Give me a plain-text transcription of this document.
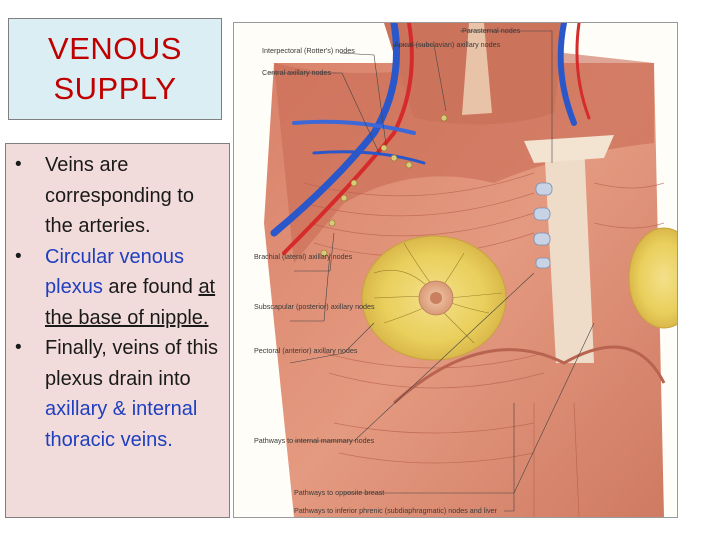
VENOUS
SUPPLY
•	Veins are corresponding to the arteries.
•	Circular venous plexus are found at the base of nipple.
•	Finally, veins of this plexus drain into axillary & internal thoracic veins.
Parasternal nodes
Apical (subclavian) axillary nodes
Interpectoral (Rotter's) nodes
Central axillary nodes
Brachial (lateral) axillary nodes
Subscapular (posterior) axillary nodes
Pectoral (anterior) axillary nodes
Pathways to internal mammary nodes
Pathways to opposite breast
Pathways to inferior phrenic (subdiaphragmatic) nodes and liver
